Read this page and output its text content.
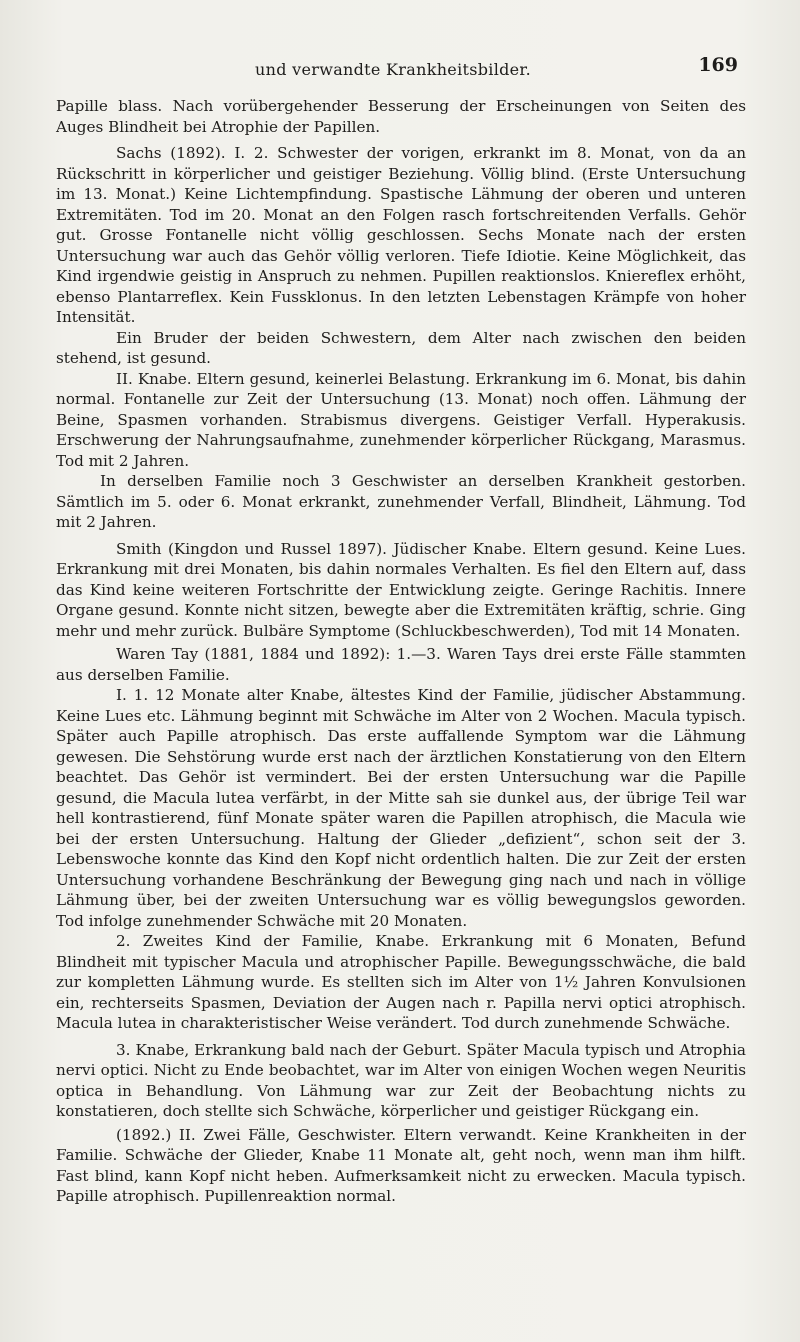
und verwandte Krankheitsbilder.	169

Papille blass. Nach vorübergehender Besserung der Erscheinungen von Seiten des Auges Blindheit bei Atrophie der Papillen.

Sachs (1892). I. 2. Schwester der vorigen, erkrankt im 8. Monat, von da an Rückschritt in körperlicher und geistiger Beziehung. Völlig blind. (Erste Untersuchung im 13. Monat.) Keine Lichtempfindung. Spastische Lähmung der oberen und unteren Extremitäten. Tod im 20. Monat an den Folgen rasch fortschreitenden Verfalls. Gehör gut. Grosse Fontanelle nicht völlig geschlossen. Sechs Monate nach der ersten Untersuchung war auch das Gehör völlig verloren. Tiefe Idiotie. Keine Möglichkeit, das Kind irgendwie geistig in Anspruch zu nehmen. Pupillen reaktionslos. Kniereflex erhöht, ebenso Plantarreflex. Kein Fussklonus. In den letzten Lebenstagen Krämpfe von hoher Intensität.

Ein Bruder der beiden Schwestern, dem Alter nach zwischen den beiden stehend, ist gesund.

II. Knabe. Eltern gesund, keinerlei Belastung. Erkrankung im 6. Monat, bis dahin normal. Fontanelle zur Zeit der Untersuchung (13. Monat) noch offen. Lähmung der Beine, Spasmen vorhanden. Strabismus divergens. Geistiger Verfall. Hyperakusis. Erschwerung der Nahrungsaufnahme, zunehmender körperlicher Rückgang, Marasmus. Tod mit 2 Jahren.

In derselben Familie noch 3 Geschwister an derselben Krankheit gestorben. Sämtlich im 5. oder 6. Monat erkrankt, zunehmender Verfall, Blindheit, Lähmung. Tod mit 2 Jahren.

Smith (Kingdon und Russel 1897). Jüdischer Knabe. Eltern gesund. Keine Lues. Erkrankung mit drei Monaten, bis dahin normales Verhalten. Es fiel den Eltern auf, dass das Kind keine weiteren Fortschritte der Entwicklung zeigte. Geringe Rachitis. Innere Organe gesund. Konnte nicht sitzen, bewegte aber die Extremitäten kräftig, schrie. Ging mehr und mehr zurück. Bulbäre Symptome (Schluckbeschwerden), Tod mit 14 Monaten.

Waren Tay (1881, 1884 und 1892): 1.—3. Waren Tays drei erste Fälle stammten aus derselben Familie.

I. 1. 12 Monate alter Knabe, ältestes Kind der Familie, jüdischer Abstammung. Keine Lues etc. Lähmung beginnt mit Schwäche im Alter von 2 Wochen. Macula typisch. Später auch Papille atrophisch. Das erste auffallende Symptom war die Lähmung gewesen. Die Sehstörung wurde erst nach der ärztlichen Konstatierung von den Eltern beachtet. Das Gehör ist vermindert. Bei der ersten Untersuchung war die Papille gesund, die Macula lutea verfärbt, in der Mitte sah sie dunkel aus, der übrige Teil war hell kontrastierend, fünf Monate später waren die Papillen atrophisch, die Macula wie bei der ersten Untersuchung. Haltung der Glieder „defizient“, schon seit der 3. Lebenswoche konnte das Kind den Kopf nicht ordentlich halten. Die zur Zeit der ersten Untersuchung vorhandene Beschränkung der Bewegung ging nach und nach in völlige Lähmung über, bei der zweiten Untersuchung war es völlig bewegungslos geworden. Tod infolge zunehmender Schwäche mit 20 Monaten.

2. Zweites Kind der Familie, Knabe. Erkrankung mit 6 Monaten, Befund Blindheit mit typischer Macula und atrophischer Papille. Bewegungsschwäche, die bald zur kompletten Lähmung wurde. Es stellten sich im Alter von 1½ Jahren Konvulsionen ein, rechterseits Spasmen, Deviation der Augen nach r. Papilla nervi optici atrophisch. Macula lutea in charakteristischer Weise verändert. Tod durch zunehmende Schwäche.

3. Knabe, Erkrankung bald nach der Geburt. Später Macula typisch und Atrophia nervi optici. Nicht zu Ende beobachtet, war im Alter von einigen Wochen wegen Neuritis optica in Behandlung. Von Lähmung war zur Zeit der Beobachtung nichts zu konstatieren, doch stellte sich Schwäche, körperlicher und geistiger Rückgang ein.

(1892.) II. Zwei Fälle, Geschwister. Eltern verwandt. Keine Krankheiten in der Familie. Schwäche der Glieder, Knabe 11 Monate alt, geht noch, wenn man ihm hilft. Fast blind, kann Kopf nicht heben. Aufmerksamkeit nicht zu erwecken. Macula typisch. Papille atrophisch. Pupillenreaktion normal.
